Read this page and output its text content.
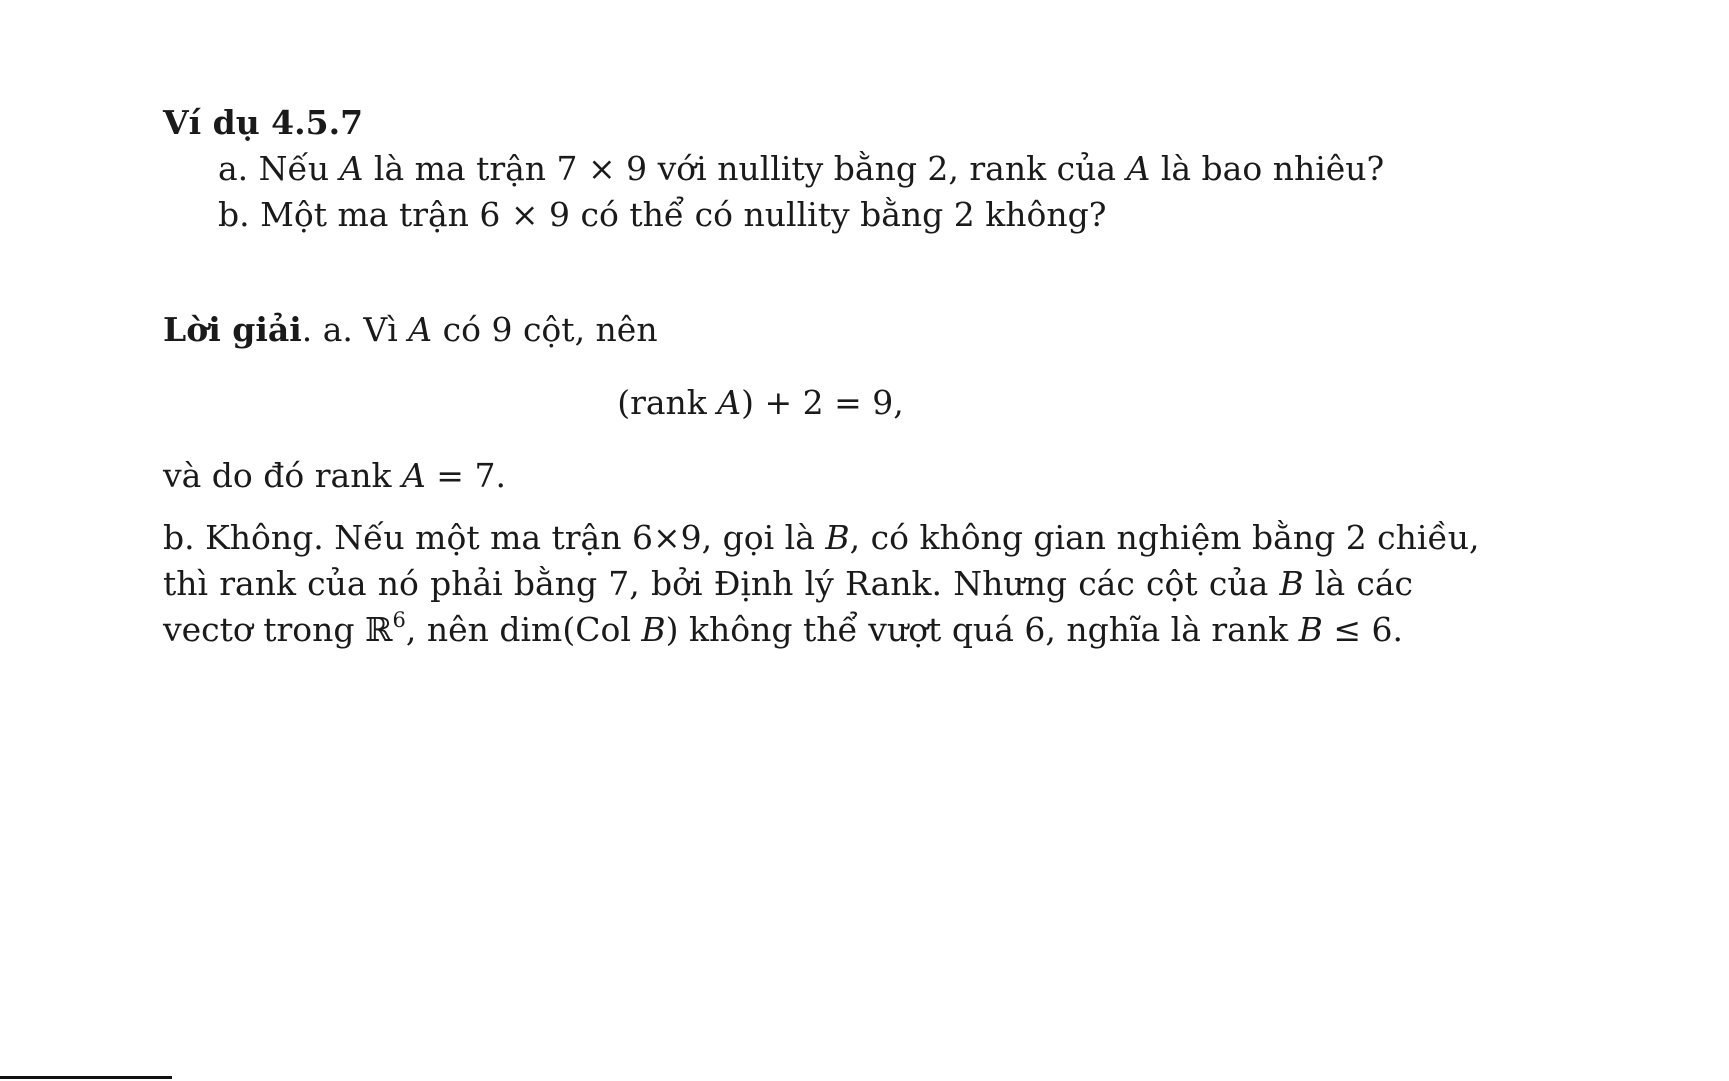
Ví dụ 4.5.7
a. Nếu A là ma trận 7 × 9 với nullity bằng 2, rank của A là bao nhiêu?
b. Một ma trận 6 × 9 có thể có nullity bằng 2 không?
Lời giải. a. Vì A có 9 cột, nên
(rank A) + 2 = 9,
và do đó rank A = 7.
b. Không. Nếu một ma trận 6×9, gọi là B, có không gian nghiệm bằng 2 chiều,
thì rank của nó phải bằng 7, bởi Định lý Rank. Nhưng các cột của B là các
vectơ trong ℝ$^6$, nên dim(Col B) không thể vượt quá 6, nghĩa là rank B ≤ 6.
